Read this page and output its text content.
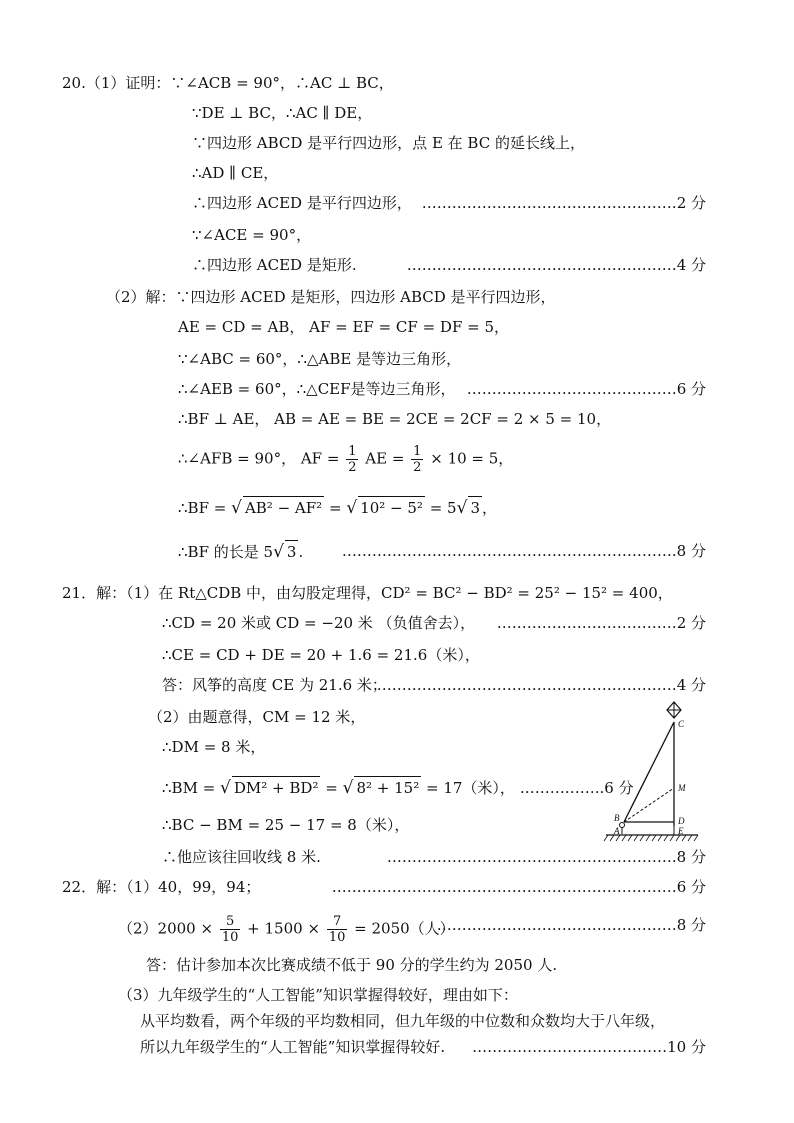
20.（1）证明：∵∠ACB = 90°，∴AC ⊥ BC，
∵DE ⊥ BC，∴AC ∥ DE，
∵四边形 ABCD 是平行四边形，点 E 在 BC 的延长线上，
∴AD ∥ CE，
∴四边形 ACED 是平行四边形， ……………………………………………2 分
∵∠ACE = 90°，
∴四边形 ACED 是矩形.	………………………………………………4 分
（2）解：∵四边形 ACED 是矩形，四边形 ABCD 是平行四边形，
AE = CD = AB， AF = EF = CF = DF = 5，
∵∠ABC = 60°，∴△ABE 是等边三角形，
∴∠AEB = 60°，∴△CEF是等边三角形， ……………………………………6 分
∴BF ⊥ AE， AB = AE = BE = 2CE = 2CF = 2 × 5 = 10，
∴∠AFB = 90°， AF = $\frac{1}{2}$ AE = $\frac{1}{2} \times 10 = 5$，
∴BF = √ AB² − AF² = √ 10² − 5² = 5√ 3 ，
∴BF 的长是 5√ 3 .	………………………………………………………….8 分
21．解：（1）在 Rt△CDB 中，由勾股定理得，CD² = BC² − BD² = 25² − 15² = 400，
∴CD = 20 米或 CD = −20 米 （负值舍去）， ………………………………2 分
∴CE = CD + DE = 20 + 1.6 = 21.6（米），
答：风筝的高度 CE 为 21.6 米；
……………………………………………………4 分
（2）由题意得，CM = 12 米，
∴DM = 8 米，
∴BM = √ DM² + BD² = √ 8² + 15² = 17（米）， ……………..6 分
∴BC − BM = 25 − 17 = 8（米），
∴他应该往回收线 8 米.	………………………………………………….8 分
C
M
B	D
A	E
22．解：（1）40，99，94；	……………………………………………………………6 分
$(2)2000 \times \frac{5}{10} + 1500 \times \frac{7}{10} = 2050$（人）
…………………………………………8 分
答：估计参加本次比赛成绩不低于 90 分的学生约为 2050 人.
（3）九年级学生的“人工智能”知识掌握得较好，理由如下：
从平均数看，两个年级的平均数相同，但九年级的中位数和众数均大于八年级，
所以九年级学生的“人工智能”知识掌握得较好. …………………………………10 分
